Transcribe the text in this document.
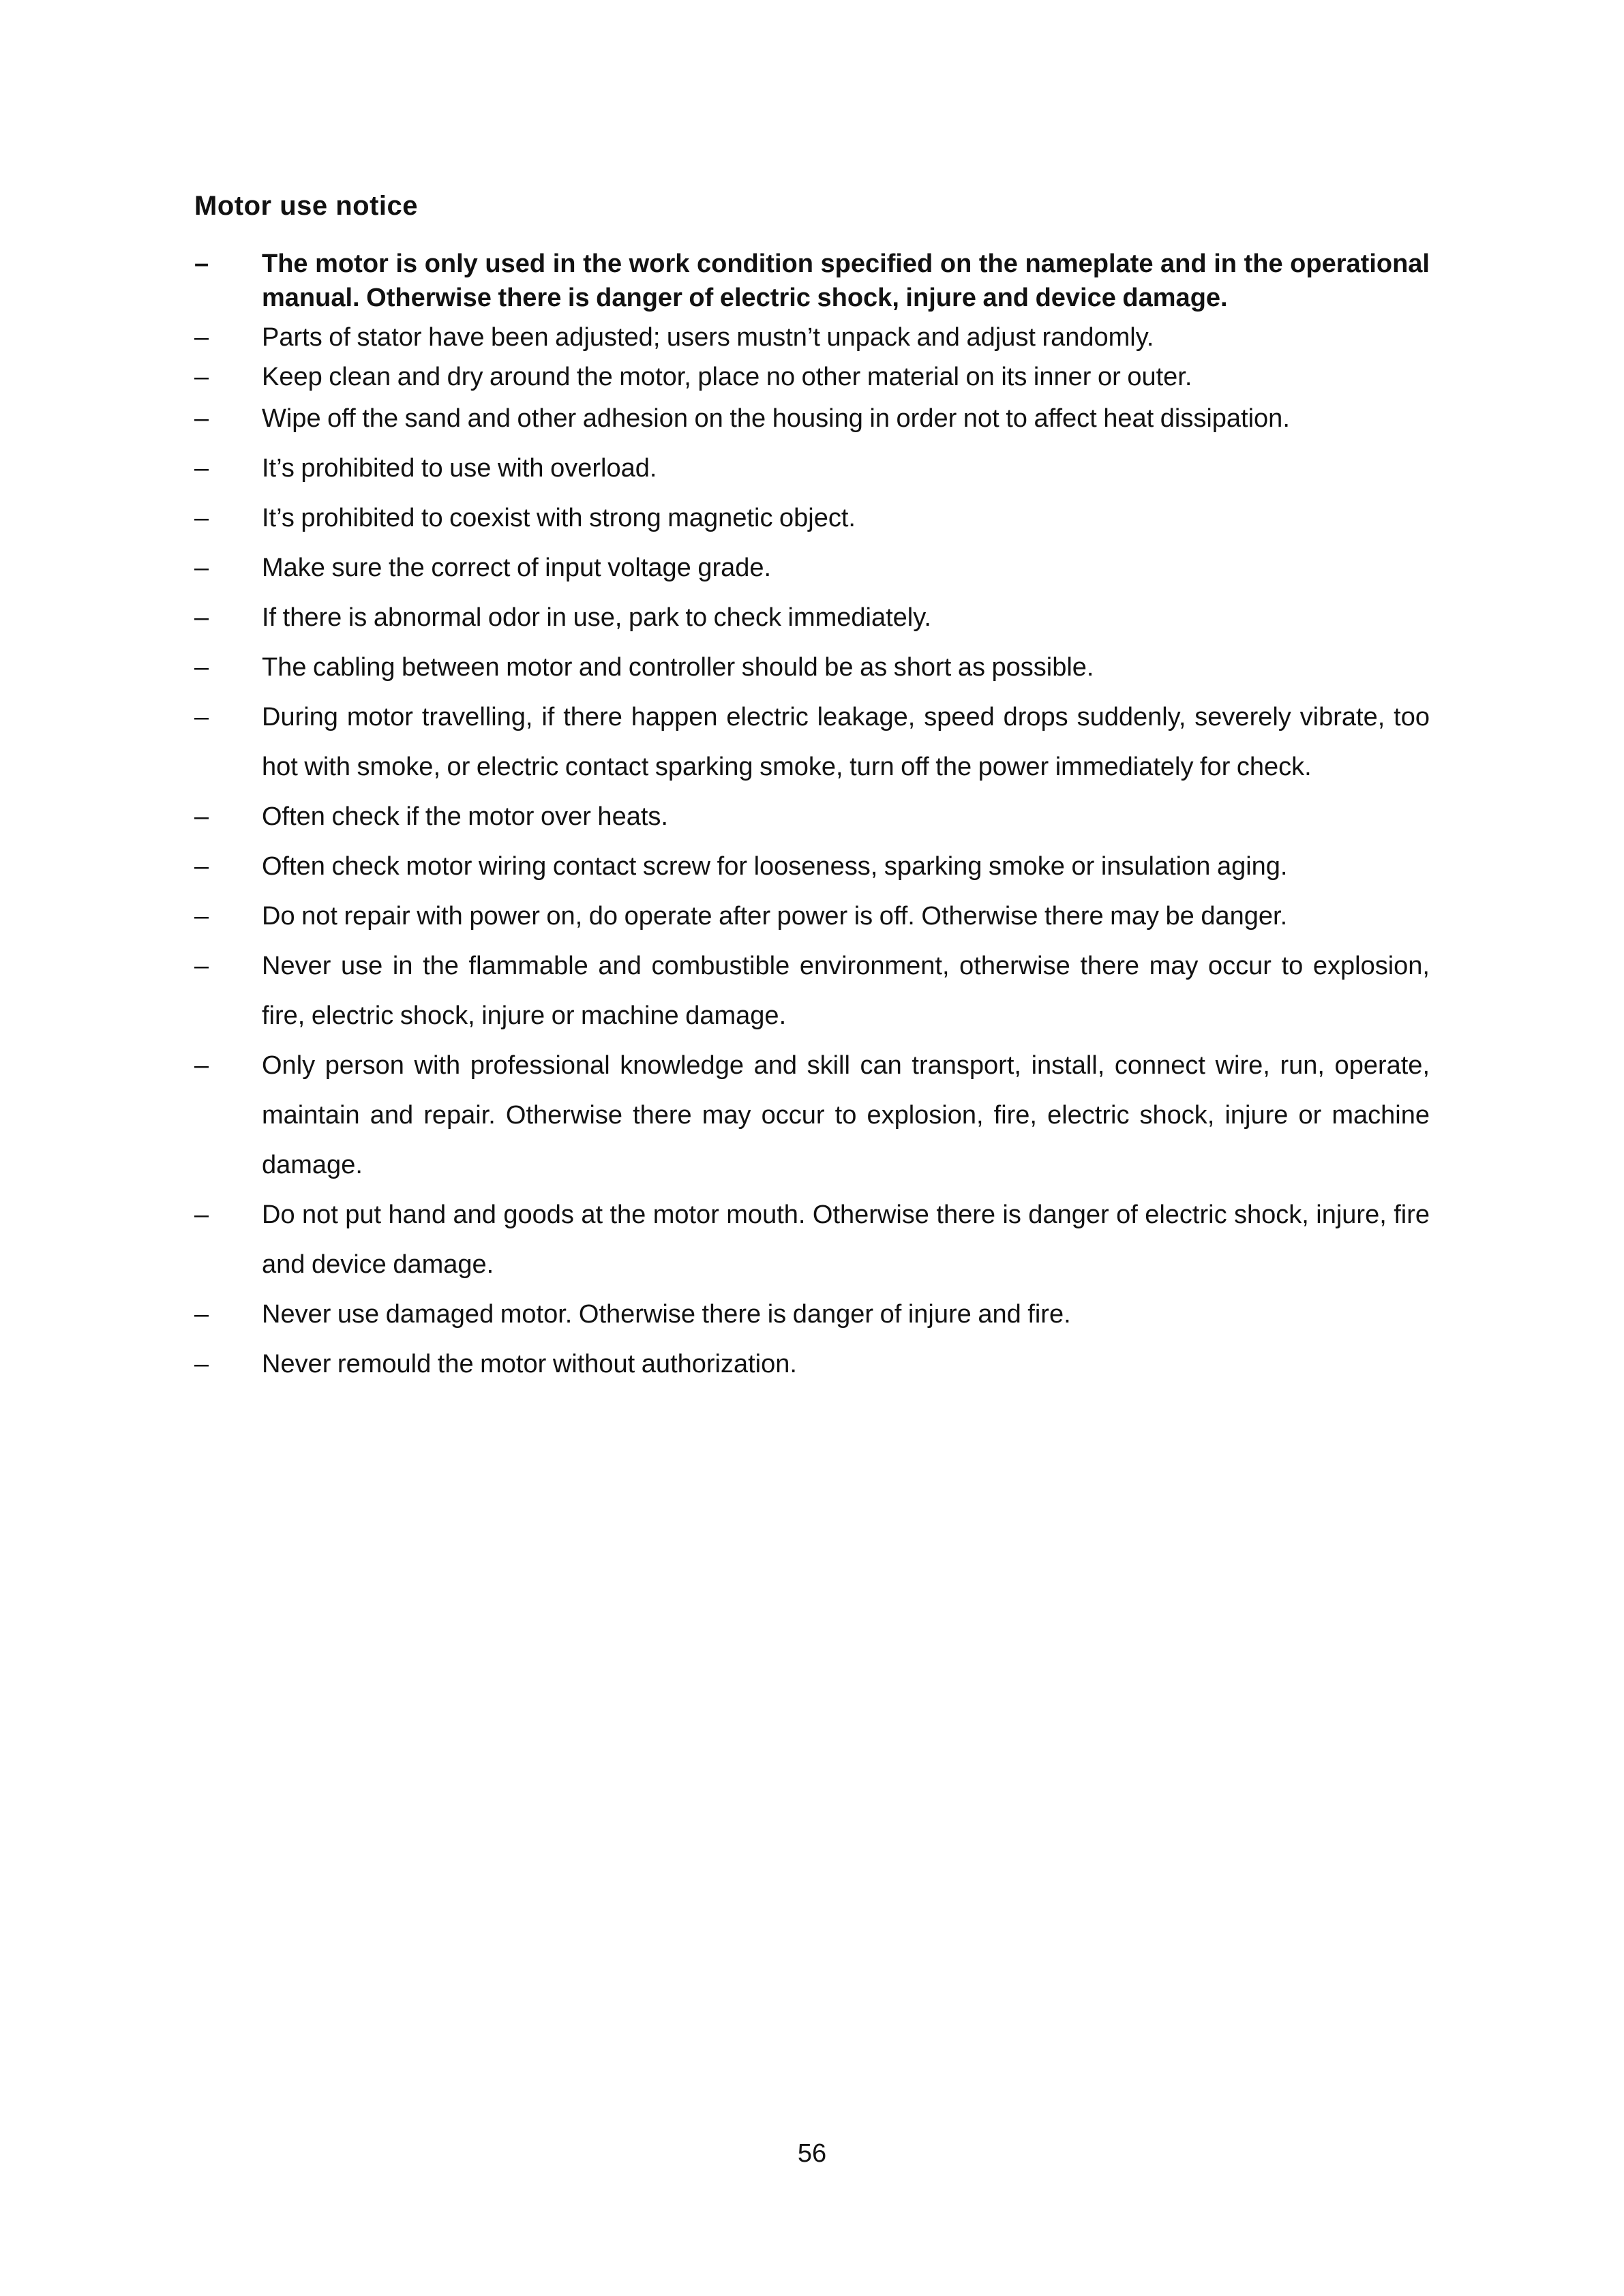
Motor use notice
–	The motor is only used in the work condition specified on the nameplate and in the operational manual. Otherwise there is danger of electric shock, injure and device damage.
–	Parts of stator have been adjusted; users mustn’t unpack and adjust randomly.
–	Keep clean and dry around the motor, place no other material on its inner or outer.
–	Wipe off the sand and other adhesion on the housing in order not to affect heat dissipation.
–	It’s prohibited to use with overload.
–	It’s prohibited to coexist with strong magnetic object.
–	Make sure the correct of input voltage grade.
–	If there is abnormal odor in use, park to check immediately.
–	The cabling between motor and controller should be as short as possible.
–	During motor travelling, if there happen electric leakage, speed drops suddenly, severely vibrate, too hot with smoke, or electric contact sparking smoke, turn off the power immediately for check.
–	Often check if the motor over heats.
–	Often check motor wiring contact screw for looseness, sparking smoke or insulation aging.
–	Do not repair with power on, do operate after power is off. Otherwise there may be danger.
–	Never use in the flammable and combustible environment, otherwise there may occur to explosion, fire, electric shock, injure or machine damage.
–	Only person with professional knowledge and skill can transport, install, connect wire, run, operate, maintain and repair. Otherwise there may occur to explosion, fire, electric shock, injure or machine damage.
–	Do not put hand and goods at the motor mouth. Otherwise there is danger of electric shock, injure, fire and device damage.
–	Never use damaged motor. Otherwise there is danger of injure and fire.
–	Never remould the motor without authorization.
56
